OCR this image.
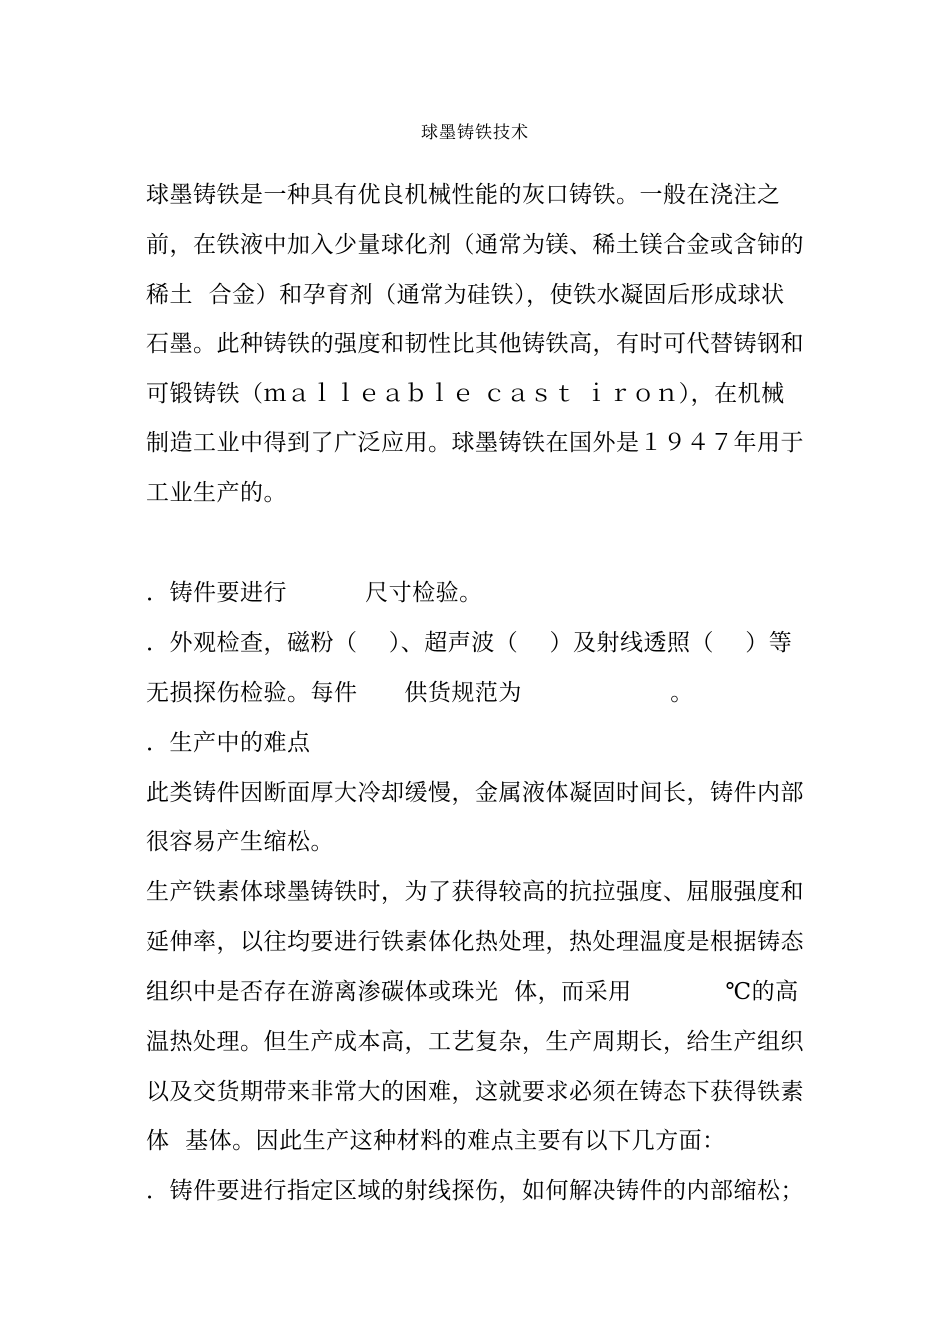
球墨铸铁技术
球墨铸铁是一种具有优良机械性能的灰口铸铁。一般在浇注之
前，在铁液中加入少量球化剂（通常为镁、稀土镁合金或含铈的
稀土  合金）和孕育剂（通常为硅铁），使铁水凝固后形成球状
石墨。此种铸铁的强度和韧性比其他铸铁高，有时可代替铸钢和
可锻铸铁（ｍａｌｌｅａｂｌｅ ｃａｓｔ ｉｒｏｎ），在机械
制造工业中得到了广泛应用。球墨铸铁在国外是１９４７年用于
工业生产的。
．铸件要进行          尺寸检验。
．外观检查，磁粉（    ）、超声波（    ）及射线透照（    ）等
无损探伤检验。每件      供货规范为                   。
．生产中的难点
此类铸件因断面厚大冷却缓慢，金属液体凝固时间长，铸件内部
很容易产生缩松。
生产铁素体球墨铸铁时，为了获得较高的抗拉强度、屈服强度和
延伸率，以往均要进行铁素体化热处理，热处理温度是根据铸态
组织中是否存在游离渗碳体或珠光  体，而采用            ℃的高
温热处理。但生产成本高，工艺复杂，生产周期长，给生产组织
以及交货期带来非常大的困难，这就要求必须在铸态下获得铁素
体  基体。因此生产这种材料的难点主要有以下几方面：
．铸件要进行指定区域的射线探伤，如何解决铸件的内部缩松；
